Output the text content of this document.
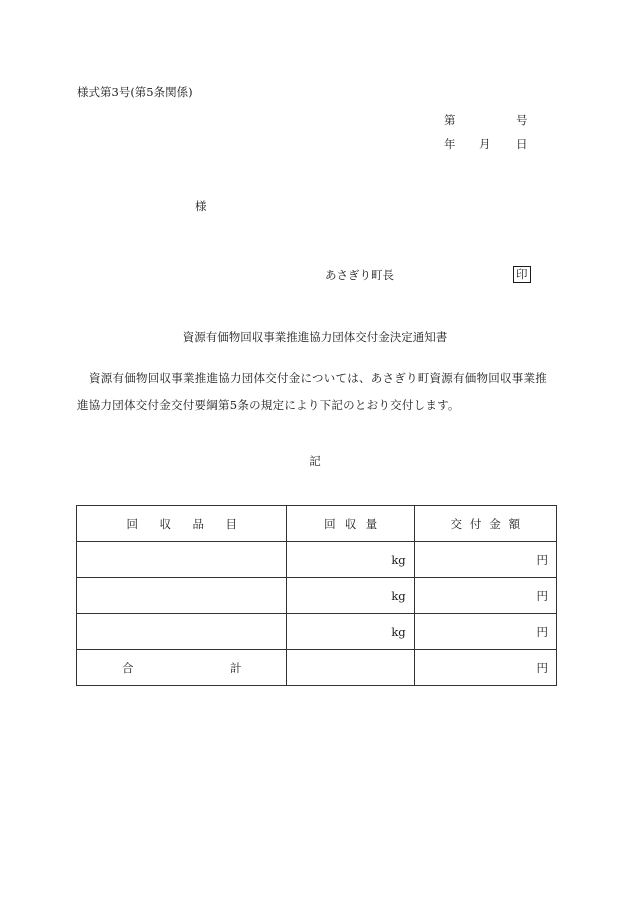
様式第3号(第5条関係)
第	号
年 月 日
様
あさぎり町長	印
資源有価物回収事業推進協力団体交付金決定通知書
資源有価物回収事業推進協力団体交付金については、あさぎり町資源有価物回収事業推
進協力団体交付金交付要綱第5条の規定により下記のとおり交付します。
記
回 収 品 目	回 収 量	交 付 金 額

	kg	円
	kg	円
	kg	円

合 計		円
